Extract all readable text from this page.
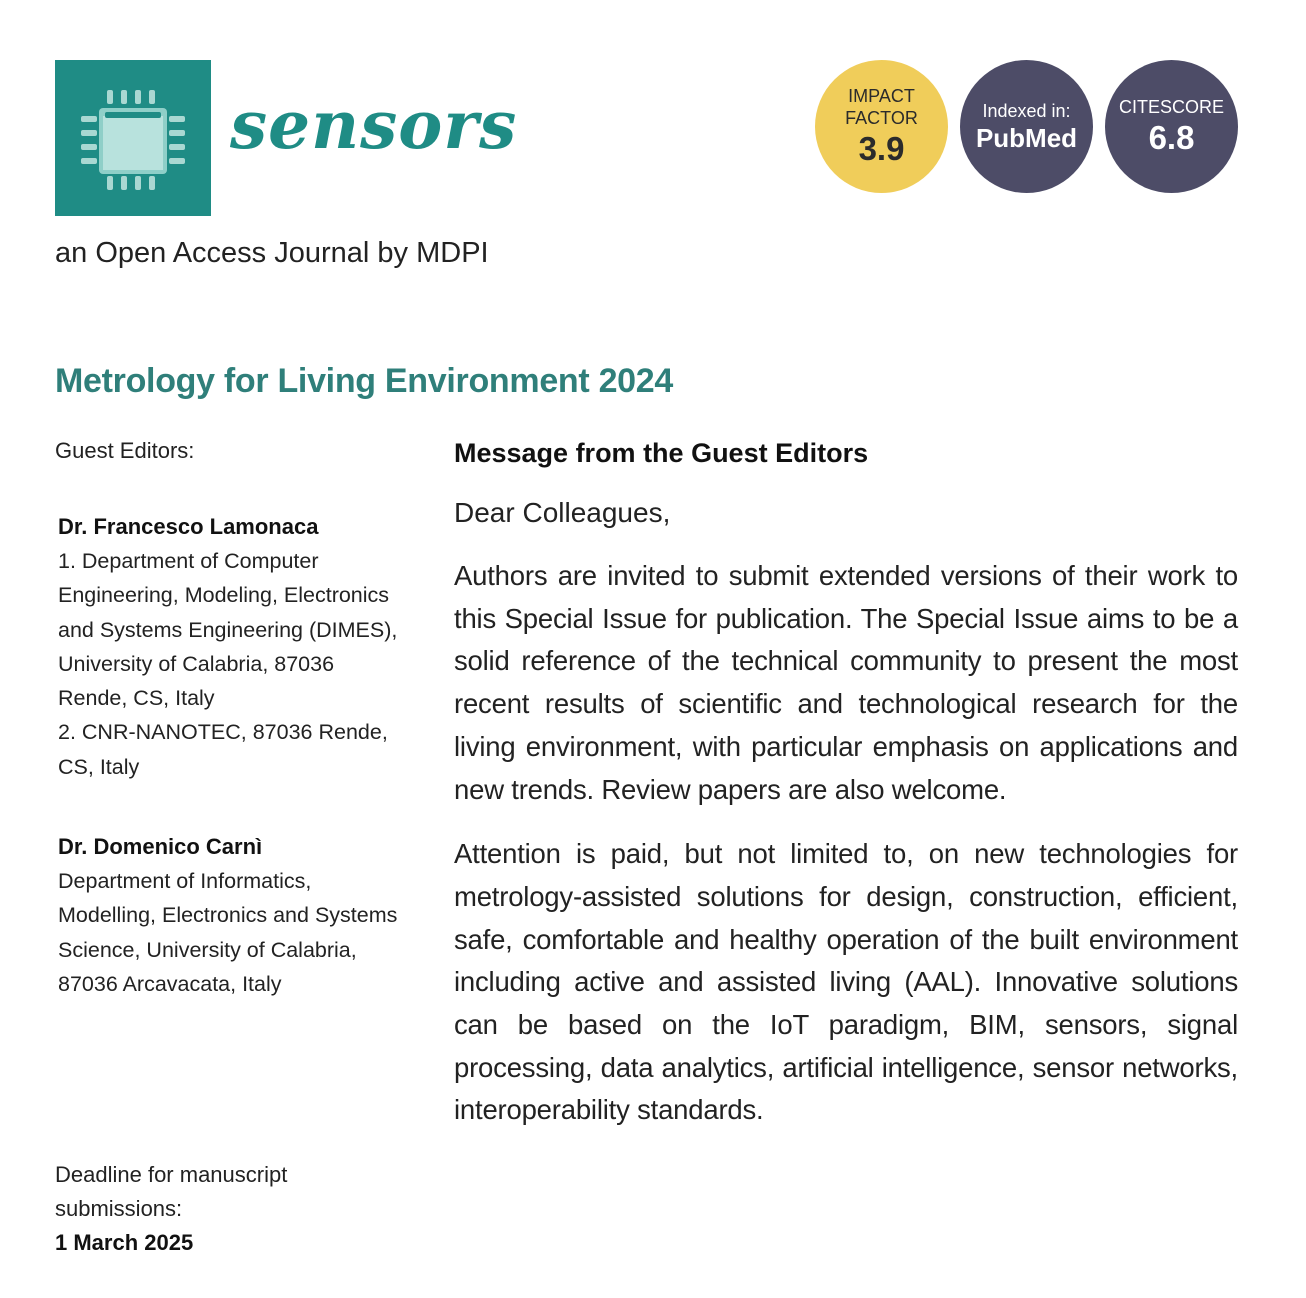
sensors
an Open Access Journal by MDPI
IMPACT
FACTOR
3.9
Indexed in:
PubMed
CITESCORE
6.8
Metrology for Living Environment 2024
Guest Editors:
Dr. Francesco Lamonaca
1. Department of Computer Engineering, Modeling, Electronics and Systems Engineering (DIMES), University of Calabria, 87036 Rende, CS, Italy
2. CNR-NANOTEC, 87036 Rende, CS, Italy
Dr. Domenico Carnì
Department of Informatics, Modelling, Electronics and Systems Science, University of Calabria, 87036 Arcavacata, Italy
Deadline for manuscript submissions:
1 March 2025
Message from the Guest Editors
Dear Colleagues,

Authors are invited to submit extended versions of their work to this Special Issue for publication. The Special Issue aims to be a solid reference of the technical community to present the most recent results of scientific and technological research for the living environment, with particular emphasis on applications and new trends. Review papers are also welcome.

Attention is paid, but not limited to, on new technologies for metrology-assisted solutions for design, construction, efficient, safe, comfortable and healthy operation of the built environment including active and assisted living (AAL). Innovative solutions can be based on the IoT paradigm, BIM, sensors, signal processing, data analytics, artificial intelligence, sensor networks, interoperability standards.
